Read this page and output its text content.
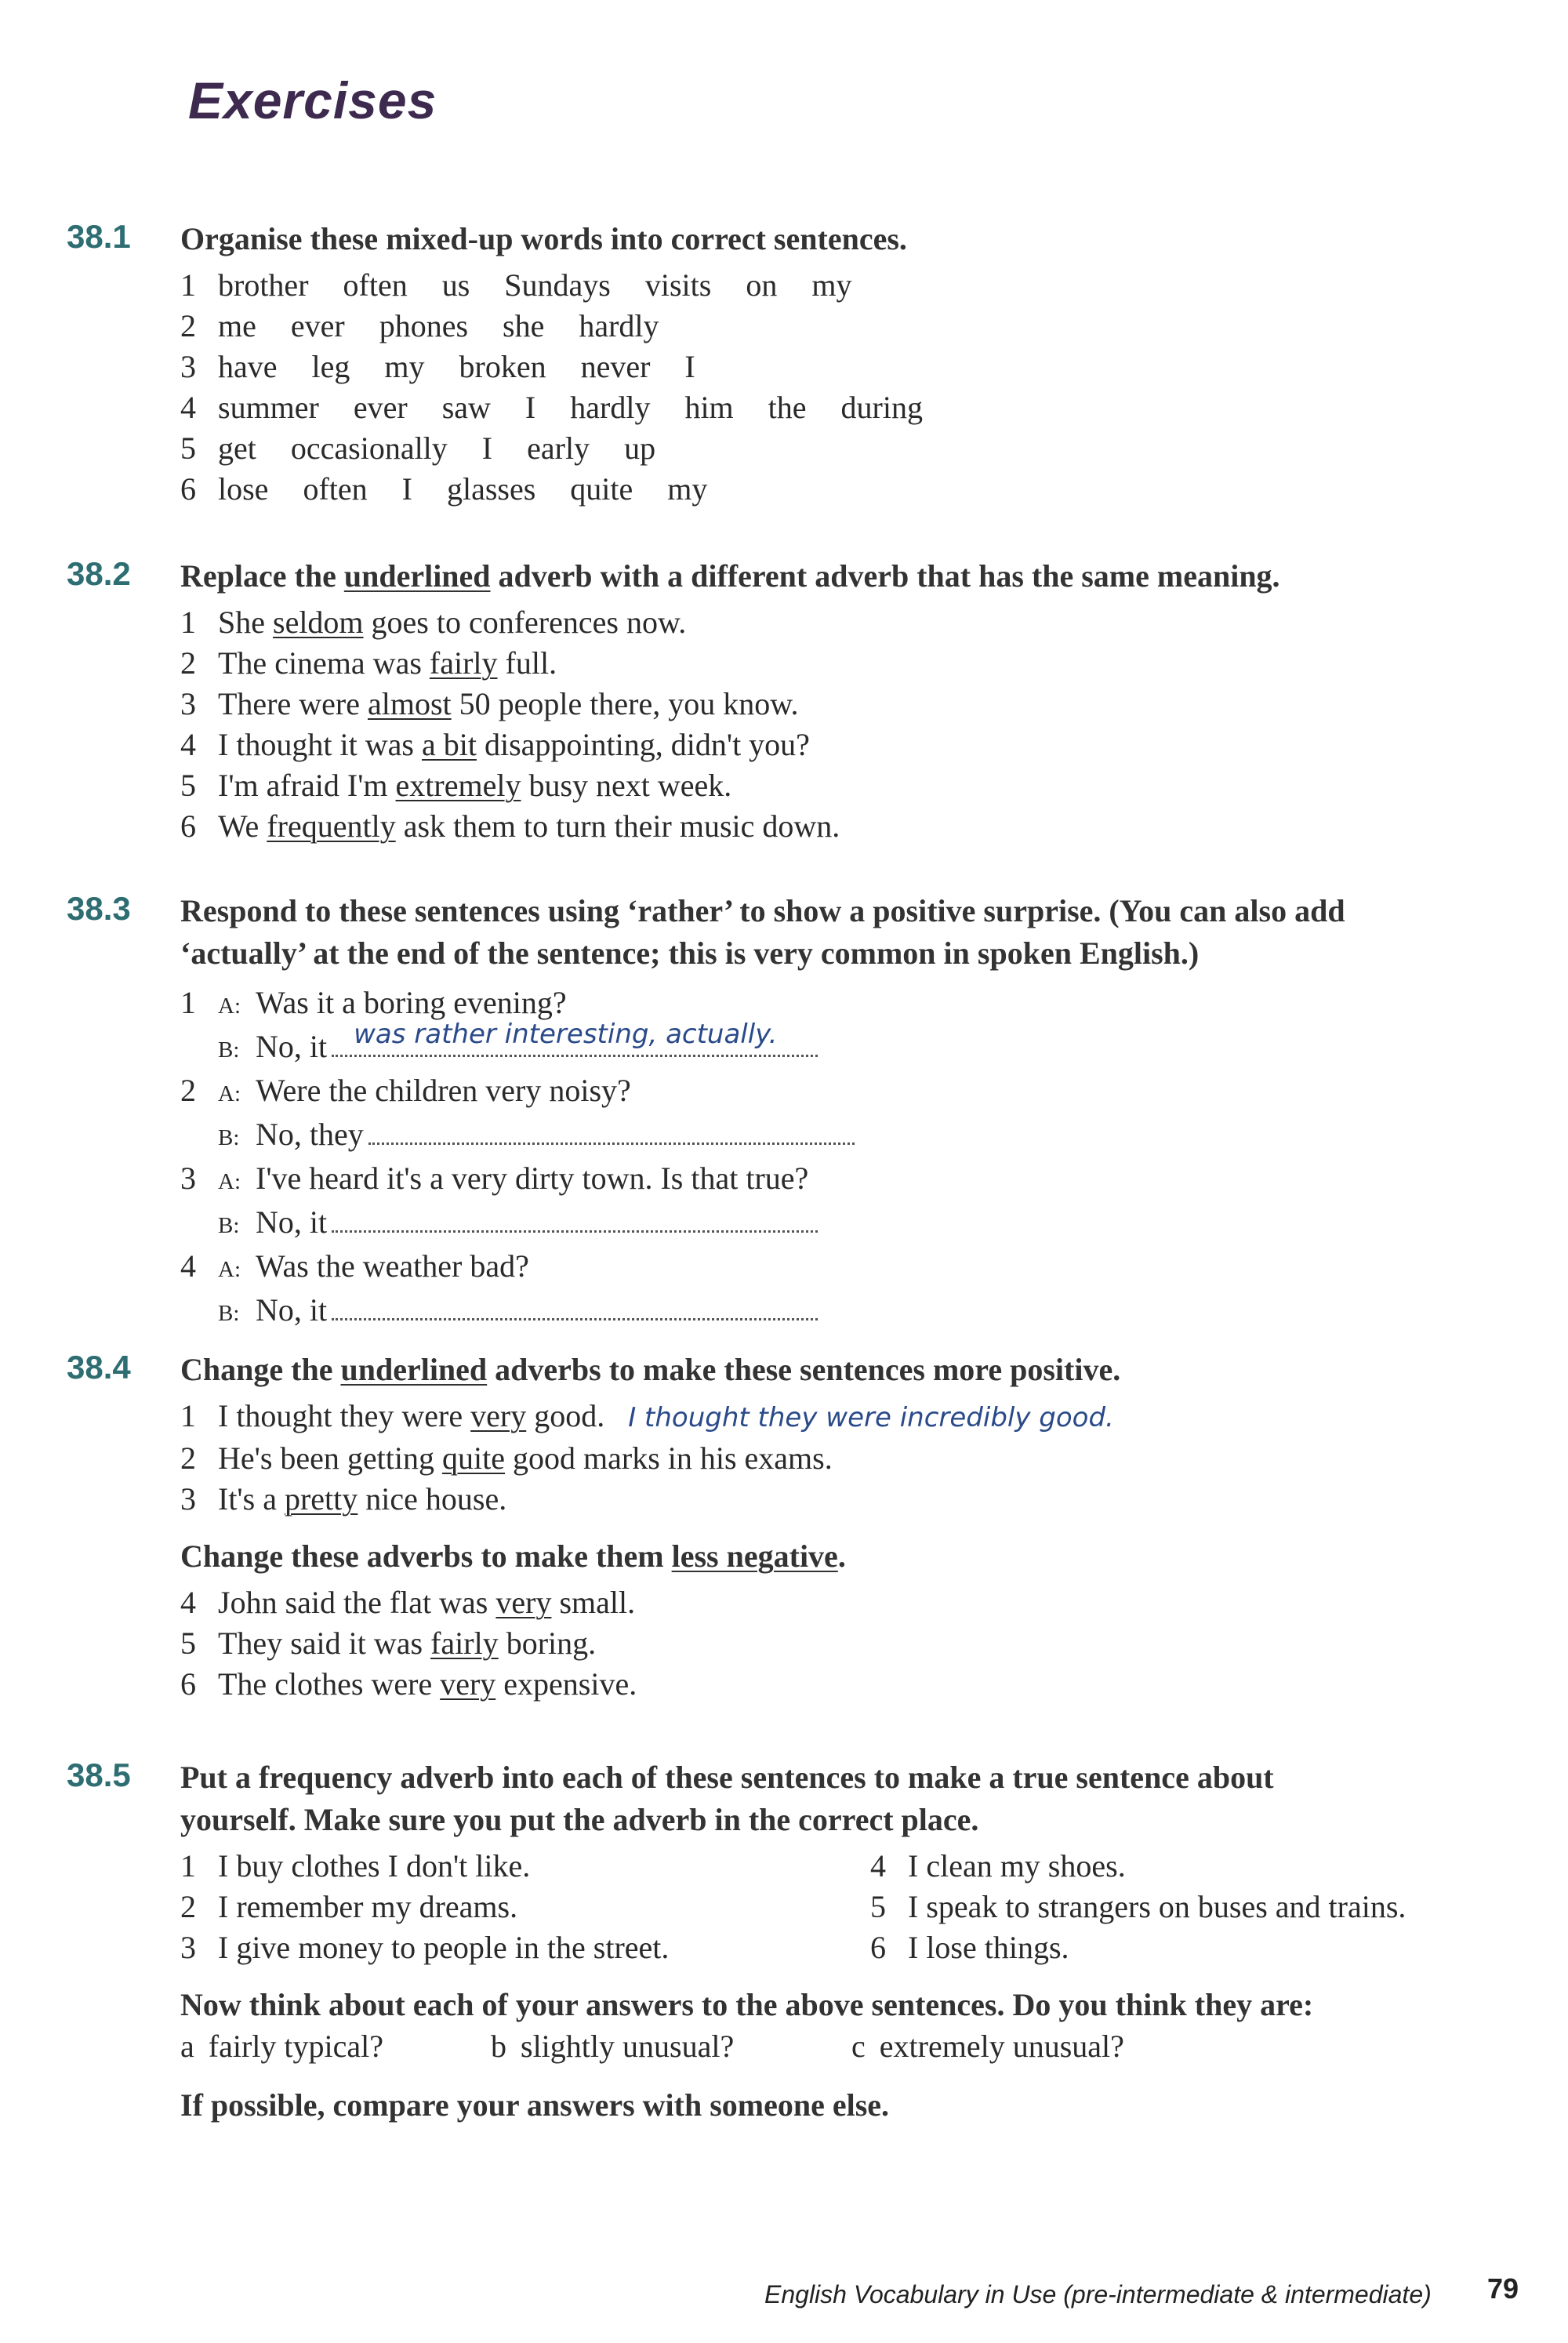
Exercises
38.1 Organise these mixed-up words into correct sentences.
1 brother often us Sundays visits on my
2 me ever phones she hardly
3 have leg my broken never I
4 summer ever saw I hardly him the during
5 get occasionally I early up
6 lose often I glasses quite my
38.2 Replace the underlined adverb with a different adverb that has the same meaning.
1 She seldom goes to conferences now.
2 The cinema was fairly full.
3 There were almost 50 people there, you know.
4 I thought it was a bit disappointing, didn't you?
5 I'm afraid I'm extremely busy next week.
6 We frequently ask them to turn their music down.
38.3 Respond to these sentences using ‘rather’ to show a positive surprise. (You can also add
‘actually’ at the end of the sentence; this is very common in spoken English.)
1 A: Was it a boring evening?
B: No, it was rather interesting, actually.
2 A: Were the children very noisy?
B: No, they
3 A: I've heard it's a very dirty town. Is that true?
B: No, it
4 A: Was the weather bad?
B: No, it
38.4 Change the underlined adverbs to make these sentences more positive.
1 I thought they were very good. I thought they were incredibly good.
2 He's been getting quite good marks in his exams.
3 It's a pretty nice house.
Change these adverbs to make them less negative.
4 John said the flat was very small.
5 They said it was fairly boring.
6 The clothes were very expensive.
38.5 Put a frequency adverb into each of these sentences to make a true sentence about
yourself. Make sure you put the adverb in the correct place.
1 I buy clothes I don't like.
2 I remember my dreams.
3 I give money to people in the street.
4 I clean my shoes.
5 I speak to strangers on buses and trains.
6 I lose things.
Now think about each of your answers to the above sentences. Do you think they are:
a fairly typical?	b slightly unusual?	c extremely unusual?
If possible, compare your answers with someone else.
English Vocabulary in Use (pre-intermediate & intermediate) 79
